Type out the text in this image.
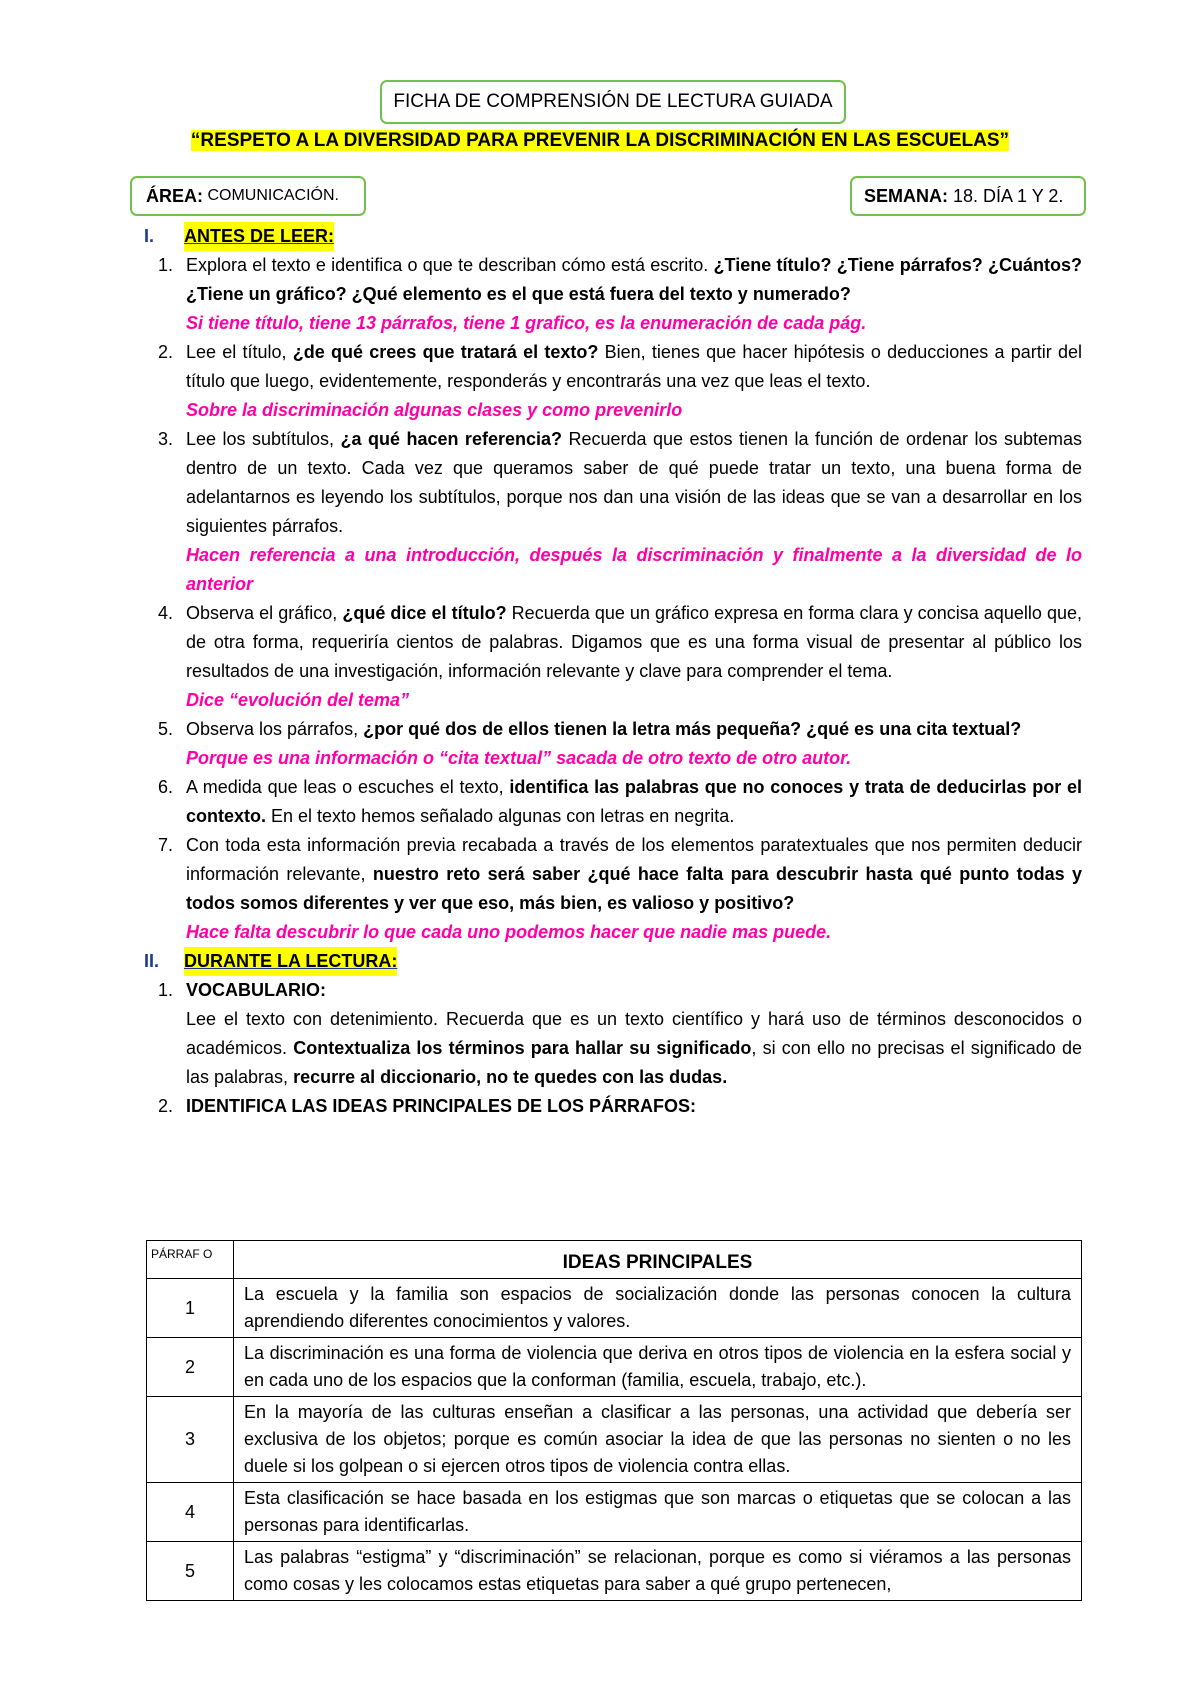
FICHA DE COMPRENSIÓN DE LECTURA GUIADA
“RESPETO A LA DIVERSIDAD PARA PREVENIR LA DISCRIMINACIÓN EN LAS ESCUELAS”
ÁREA: COMUNICACIÓN.	SEMANA: 18. DÍA 1 Y 2.
I.	ANTES DE LEER:
1. Explora el texto e identifica o que te describan cómo está escrito. ¿Tiene título? ¿Tiene párrafos? ¿Cuántos? ¿Tiene un gráfico? ¿Qué elemento es el que está fuera del texto y numerado?
Si tiene título, tiene 13 párrafos, tiene 1 grafico, es la enumeración de cada pág.
2. Lee el título, ¿de qué crees que tratará el texto? Bien, tienes que hacer hipótesis o deducciones a partir del título que luego, evidentemente, responderás y encontrarás una vez que leas el texto.
Sobre la discriminación algunas clases y como prevenirlo
3. Lee los subtítulos, ¿a qué hacen referencia? Recuerda que estos tienen la función de ordenar los subtemas dentro de un texto. Cada vez que queramos saber de qué puede tratar un texto, una buena forma de adelantarnos es leyendo los subtítulos, porque nos dan una visión de las ideas que se van a desarrollar en los siguientes párrafos.
Hacen referencia a una introducción, después la discriminación y finalmente a la diversidad de lo anterior
4. Observa el gráfico, ¿qué dice el título? Recuerda que un gráfico expresa en forma clara y concisa aquello que, de otra forma, requeriría cientos de palabras. Digamos que es una forma visual de presentar al público los resultados de una investigación, información relevante y clave para comprender el tema.
Dice “evolución del tema”
5. Observa los párrafos, ¿por qué dos de ellos tienen la letra más pequeña? ¿qué es una cita textual?
Porque es una información o “cita textual” sacada de otro texto de otro autor.
6. A medida que leas o escuches el texto, identifica las palabras que no conoces y trata de deducirlas por el contexto. En el texto hemos señalado algunas con letras en negrita.
7. Con toda esta información previa recabada a través de los elementos paratextuales que nos permiten deducir información relevante, nuestro reto será saber ¿qué hace falta para descubrir hasta qué punto todas y todos somos diferentes y ver que eso, más bien, es valioso y positivo?
Hace falta descubrir lo que cada uno podemos hacer que nadie mas puede.
II.	DURANTE LA LECTURA:
1. VOCABULARIO:
Lee el texto con detenimiento. Recuerda que es un texto científico y hará uso de términos desconocidos o académicos. Contextualiza los términos para hallar su significado, si con ello no precisas el significado de las palabras, recurre al diccionario, no te quedes con las dudas.
2. IDENTIFICA LAS IDEAS PRINCIPALES DE LOS PÁRRAFOS:
PÁRRAF O	IDEAS PRINCIPALES
1	La escuela y la familia son espacios de socialización donde las personas conocen la cultura aprendiendo diferentes conocimientos y valores.
2	La discriminación es una forma de violencia que deriva en otros tipos de violencia en la esfera social y en cada uno de los espacios que la conforman (familia, escuela, trabajo, etc.).
3	En la mayoría de las culturas enseñan a clasificar a las personas, una actividad que debería ser exclusiva de los objetos; porque es común asociar la idea de que las personas no sienten o no les duele si los golpean o si ejercen otros tipos de violencia contra ellas.
4	Esta clasificación se hace basada en los estigmas que son marcas o etiquetas que se colocan a las personas para identificarlas.
5	Las palabras “estigma” y “discriminación” se relacionan, porque es como si viéramos a las personas como cosas y les colocamos estas etiquetas para saber a qué grupo pertenecen,
